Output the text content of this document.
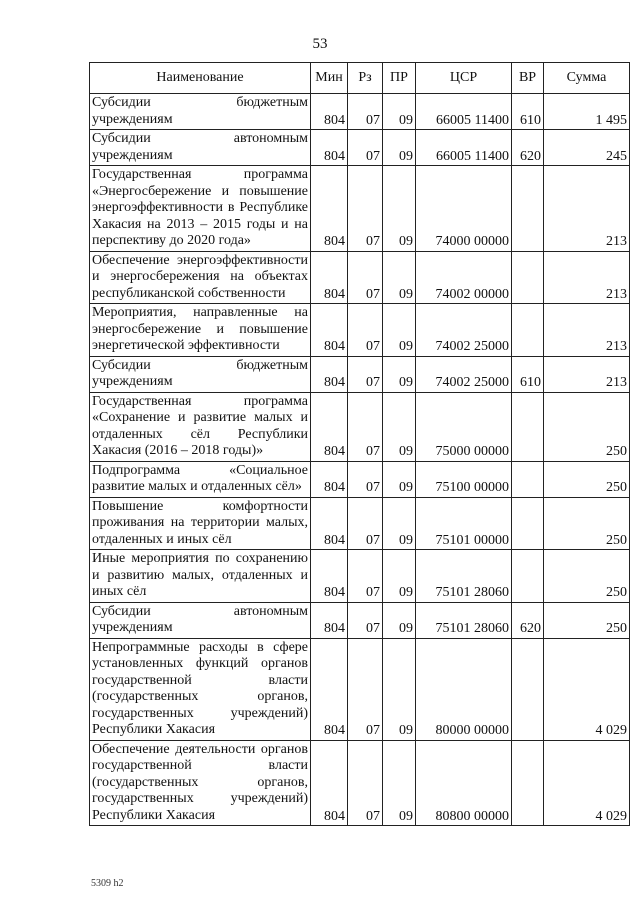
53
Наименование	Мин	Рз	ПР	ЦСР	ВР	Сумма
Субсидии бюджетным учреждениям	804	07	09	66005 11400	610	1 495
Субсидии автономным учреждениям	804	07	09	66005 11400	620	245
Государственная программа «Энергосбережение и повышение энергоэффективности в Республике Хакасия на 2013 – 2015 годы и на перспективу до 2020 года»	804	07	09	74000 00000		213
Обеспечение энергоэффективности и энергосбережения на объектах республиканской собственности	804	07	09	74002 00000		213
Мероприятия, направленные на энергосбережение и повышение энергетической эффективности	804	07	09	74002 25000		213
Субсидии бюджетным учреждениям	804	07	09	74002 25000	610	213
Государственная программа «Сохранение и развитие малых и отдаленных сёл Республики Хакасия (2016 – 2018 годы)»	804	07	09	75000 00000		250
Подпрограмма «Социальное развитие малых и отдаленных сёл»	804	07	09	75100 00000		250
Повышение комфортности проживания на территории малых, отдаленных и иных сёл	804	07	09	75101 00000		250
Иные мероприятия по сохранению и развитию малых, отдаленных и иных сёл	804	07	09	75101 28060		250
Субсидии автономным учреждениям	804	07	09	75101 28060	620	250
Непрограммные расходы в сфере установленных функций органов государственной власти (государственных органов, государственных учреждений) Республики Хакасия	804	07	09	80000 00000		4 029
Обеспечение деятельности органов государственной власти (государственных органов, государственных учреждений) Республики Хакасия	804	07	09	80800 00000		4 029
5309 h2
